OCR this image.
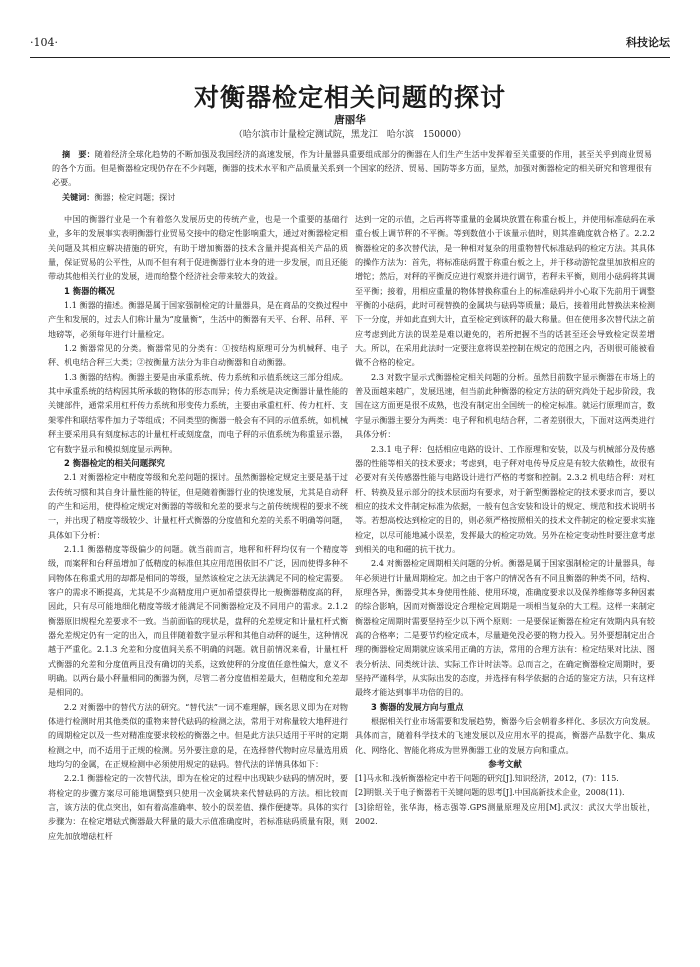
·104·	科技论坛
对衡器检定相关问题的探讨
唐丽华
（哈尔滨市计量检定测试院，黑龙江　哈尔滨　150000）
摘　要：随着经济全球化趋势的不断加强及我国经济的高速发展，作为计量器具重要组成部分的衡器在人们生产生活中发挥着至关重要的作用，甚至关乎到商业贸易的各个方面。但是衡器检定现仍存在不少问题，衡器的技术水平和产品质量关系到一个国家的经济、贸易、国防等多方面，显然，加强对衡器检定的相关研究和管理很有必要。
关键词：衡器；检定问题；探讨

中国的衡器行业是一个有着悠久发展历史的传统产业，也是一个重要的基础行业，多年的发展事实表明衡器行业贸易交接中的稳定性影响重大，通过对衡器检定相关问题及其相应解决措施的研究，有助于增加衡器的技术含量并提高相关产品的质量，保证贸易的公平性，从而不但有利于促进衡器行业本身的进一步发展，而且还能带动其他相关行业的发展，进而给整个经济社会带来较大的效益。

1 衡器的概况

1.1 衡器的描述。衡器是属于国家强制检定的计量器具，是在商品的交换过程中产生和发展的，过去人们称计量为“度量衡”，生活中的衡器有天平、台秤、吊秤、平地磅等，必须每年进行计量检定。

1.2 衡器常见的分类。衡器常见的分类有：①按结构原理可分为机械秤、电子秤、机电结合秤三大类；②按衡量方法分为非自动衡器和自动衡器。

1.3 衡器的结构。衡器主要是由承重系统、传力系统和示值系统这三部分组成。其中承重系统的结构因其所承载的物体的形态而异；传力系统是决定衡器计量性能的关键部件，通常采用杠杆传力系统和形变传力系统，主要由承重杠杆、传力杠杆、支架零件和联结零件加力子等组成；不同类型的衡器一般会有不同的示值系统，如机械秤主要采用具有刻度标志的计量杠杆或刻度盘，而电子秤的示值系统为称重显示器，它有数字显示和模拟刻度显示两种。

2 衡器检定的相关问题探究

2.1 对衡器检定中精度等级和允差问题的探讨。虽然衡器检定规定主要是基于过去传统习惯和其自身计量性能的特征，但是随着衡器行业的快速发展，尤其是自动秤的产生和运用，使得检定规定对衡器的等级和允差的要求与之前传统规程的要求不统一，并出现了精度等级较少、计量杠杆式衡器的分度值和允差的关系不明确等问题，具体如下分析：

2.1.1 衡器精度等级偏少的问题。就当前而言，地秤和杆秤均仅有一个精度等级，而案秤和台秤虽增加了低精度的标准但其应用范围依旧不广泛，因而使得多种不同物体在称重式用的却都是相同的等级，显然该检定之法无法满足不同的检定需要。客户的需求不断提高，尤其是不少高精度用户更加希望获得比一般衡器精度高的秤，因此，只有尽可能地细化精度等级才能满足不同衡器检定及不同用户的需求。2.1.2 衡器原旧规程允差要求不一致。当前面临的现状是，盘秤的允差规定和计量杠杆式衡器允差规定仍有一定的出入，而且伴随着数字显示秤和其他自动秤的诞生，这种情况越于严重化。2.1.3 允差和分度值间关系不明确的问题。就目前情况来看，计量杠杆式衡器的允差和分度值两且没有确切的关系，这致使秤的分度值任意性偏大，意义不明确。以两台最小秤量相同的衡器为例，尽管二者分度值相差最大，但精度和允差却是相同的。

2.2 对衡器中的替代方法的研究。“替代法”一词不难理解，顾名思义即为在对物体进行检测时用其他类似的重物来替代砝码的检测之法，常用于对称量较大地秤进行的周期检定以及一些对精准度要求较松的衡器之中。但是此方法只适用于平时的定期检测之中，而不适用于正规的检测。另外要注意的是，在选择替代物时应尽量选用质地均匀的金属，在正规检测中必须使用规定的砝码。替代法的详情具体如下：

2.2.1 衡器检定的一次替代法，即为在检定的过程中出现缺少砝码的情况时，要将检定的步骤方案尽可能地调整到只使用一次金属块来代替砝码的方法。相比较而言，该方法的优点突出，如有着高准确率、较小的误差值、操作便捷等。具体的实行步骤为：在检定增砝式衡器最大秤量的最大示值准确度时，若标准砝码质量有限，则应先加放增砝杠杆

达到一定的示值，之后再将等重量的金属块放置在称重台板上，并使用标准砝码在承重台板上调节秤的不平衡。等到数值小于该量示值时，则其准确度就合格了。2.2.2 衡器检定的多次替代法，是一种相对复杂的用重物替代标准砝码的检定方法。其具体的操作方法为：首先，将标准砝码置于称重台板之上，并于移动游铊盘里加放相应的增铊；然后，对秤的平衡反应进行观察并进行调节，若秤未平衡，则用小砝码将其调至平衡；接着，用相应重量的物体替换称重台上的标准砝码并小心取下先前用于调整平衡的小砝码，此时可视替换的金属块与砝码等质量；最后，接着用此替换法来检测下一分度，并如此直到大计，直至检定到该秤的最大称量。但在使用多次替代法之前应考虑到此方法的误差是难以避免的，若所把握不当的话甚至还会导致检定误差增大。所以，在采用此法时一定要注意将误差控制在规定的范围之内，否则很可能被看做不合格的检定。

2.3 对数字显示式衡器检定相关问题的分析。虽然目前数字显示衡器在市场上的普及面越来越广，发展迅速，但当前此种衡器的检定方法的研究尚处于起步阶段，我国在这方面更是很不成熟，也没有制定出全国统一的检定标准。就运行原理而言，数字显示衡器主要分为两类：电子秤和机电结合秤，二者差别很大，下面对这两类进行具体分析：

2.3.1 电子秤：包括相应电路的设计、工作原理和安装，以及与机械部分及传感器的性能等相关的技术要求；考虑到，电子秤对电传导反应是有较大依赖性，故很有必要对有关传感器性能与电路设计进行严格的考察和控制。2.3.2 机电结合秤：对杠杆、转换及显示部分的技术层面均有要求，对于新型衡器检定的技术要求而言，要以相应的技术文件制定标准为依据，一般有包含安装和设计的规定、规范和技术说明书等。若想高校达到检定的目的，则必须严格按照相关的技术文件制定的检定要求实施检定，以尽可能地减小误差，发挥最大的检定功效。另外在检定变动性时要注意考虑到相关的电和磁的抗干扰力。

2.4 对衡器检定周期相关问题的分析。衡器是属于国家强制检定的计量器具，每年必须进行计量周期检定。加之由于客户的情况各有不同且衡器的种类不同，结构、原理各异，衡器受其本身使用性能、使用环境，准确度要求以及保养维修等多种因素的综合影响，因而对衡器设定合理检定周期是一项相当复杂的大工程。这样一来制定衡器检定周期时需要坚持至少以下两个原则：一是要保证衡器在检定有效期内具有较高的合格率；二是要节约检定成本，尽量避免没必要的物力投入。另外要想制定出合理的衡器检定周期就应该采用正确的方法，常用的合理方法有：检定结果对比法、图表分析法、同类统计法、实际工作计时法等。总而言之，在确定衡器检定周期时，要坚持严谨科学，从实际出发的态度，并选择有科学依据的合适的鉴定方法，只有这样最终才能达到事半功倍的目的。

3 衡器的发展方向与重点

根据相关行业市场需要和发展趋势，衡器今后会朝着多样化、多层次方向发展。具体而言，随着科学技术的飞速发展以及应用水平的提高，衡器产品数字化、集成化、网络化、智能化将成为世界衡器工业的发展方向和重点。

参考文献

[1]马永和.浅析衡器检定中若干问题的研究[J].知识经济，2012，(7)：115.

[2]明银.关于电子衡器若干关键问题的思考[J].中国高新技术企业，2008(11).

[3]徐绍铨，张华海，杨志强等.GPS测量原理及应用[M].武汉：武汉大学出版社，2002.
